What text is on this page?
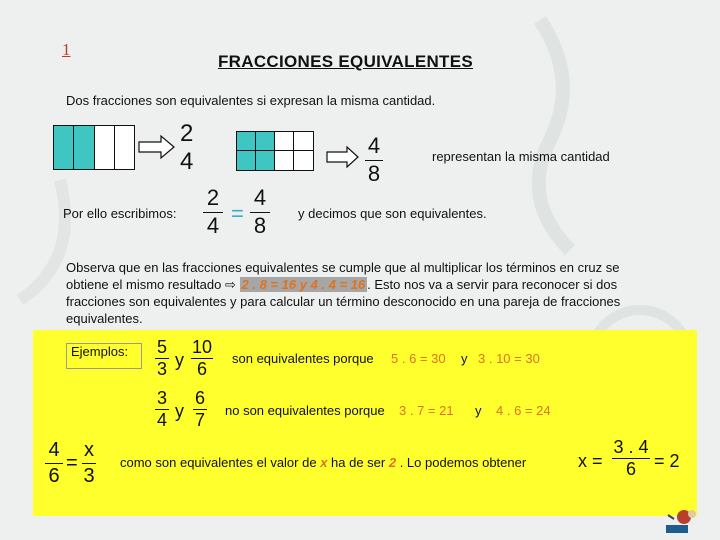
1
FRACCIONES EQUIVALENTES
Dos fracciones son equivalentes si expresan la misma cantidad.
2
4
4
8
representan la misma cantidad
Por ello escribimos:
2
4 =
4
8 y decimos que son equivalentes.
Observa que en las fracciones equivalentes se cumple que al multiplicar los términos en cruz se obtiene el mismo resultado ⇨ 2 . 8 = 16 y 4 . 4 = 16 . Esto nos va a servir para reconocer si dos fracciones son equivalentes y para calcular un término desconocido en una pareja de fracciones equivalentes.
Ejemplos:	5
3 y
10
6
son equivalentes porque 5 . 6 = 30 y 3 . 10 = 30
3
4 y
6
7 no son equivalentes porque 3 . 7 = 21 y 4 . 6 = 24
4
6
=
x
3
como son equivalentes el valor de x ha de ser 2 . Lo podemos obtener	x =
3 . 4
6 = 2
